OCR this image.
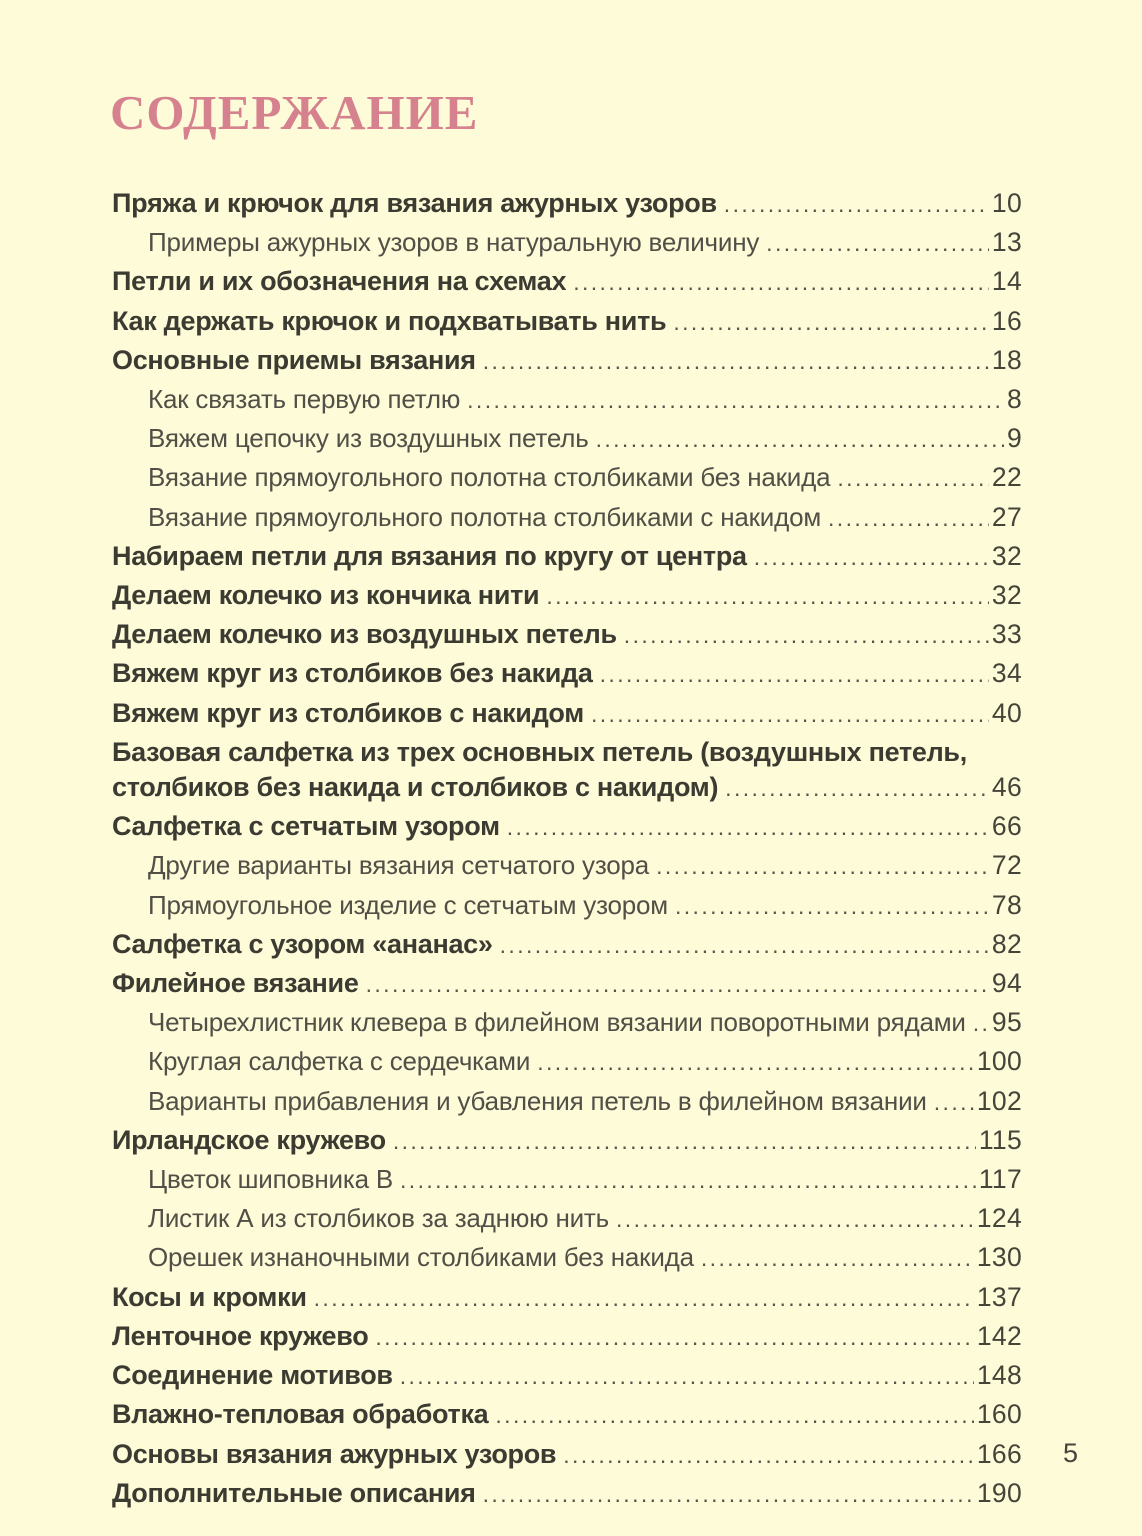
СОДЕРЖАНИЕ
Пряжа и крючок для вязания ажурных узоров .....	10
Примеры ажурных узоров в натуральную величину .....	13
Петли и их обозначения на схемах .....	14
Как держать крючок и подхватывать нить .....	16
Основные приемы вязания .....	18
Как связать первую петлю .....	8
Вяжем цепочку из воздушных петель .....	9
Вязание прямоугольного полотна столбиками без накида .....	22
Вязание прямоугольного полотна столбиками с накидом .....	27
Набираем петли для вязания по кругу от центра .....	32
Делаем колечко из кончика нити .....	32
Делаем колечко из воздушных петель .....	33
Вяжем круг из столбиков без накида .....	34
Вяжем круг из столбиков с накидом .....	40
Базовая салфетка из трех основных петель (воздушных петель,
столбиков без накида и столбиков с накидом) .....	46
Салфетка с сетчатым узором .....	66
Другие варианты вязания сетчатого узора .....	72
Прямоугольное изделие с сетчатым узором .....	78
Салфетка с узором «ананас» .....	82
Филейное вязание .....	94
Четырехлистник клевера в филейном вязании поворотными рядами ..... 95
Круглая салфетка с сердечками .....	100
Варианты прибавления и убавления петель в филейном вязании ..... 102
Ирландское кружево .....	115
Цветок шиповника В .....	117
Листик А из столбиков за заднюю нить .....	124
Орешек изнаночными столбиками без накида .....	130
Косы и кромки .....	137
Ленточное кружево .....	142
Соединение мотивов .....	148
Влажно-тепловая обработка .....	160
Основы вязания ажурных узоров .....	166
Дополнительные описания .....	190
5
